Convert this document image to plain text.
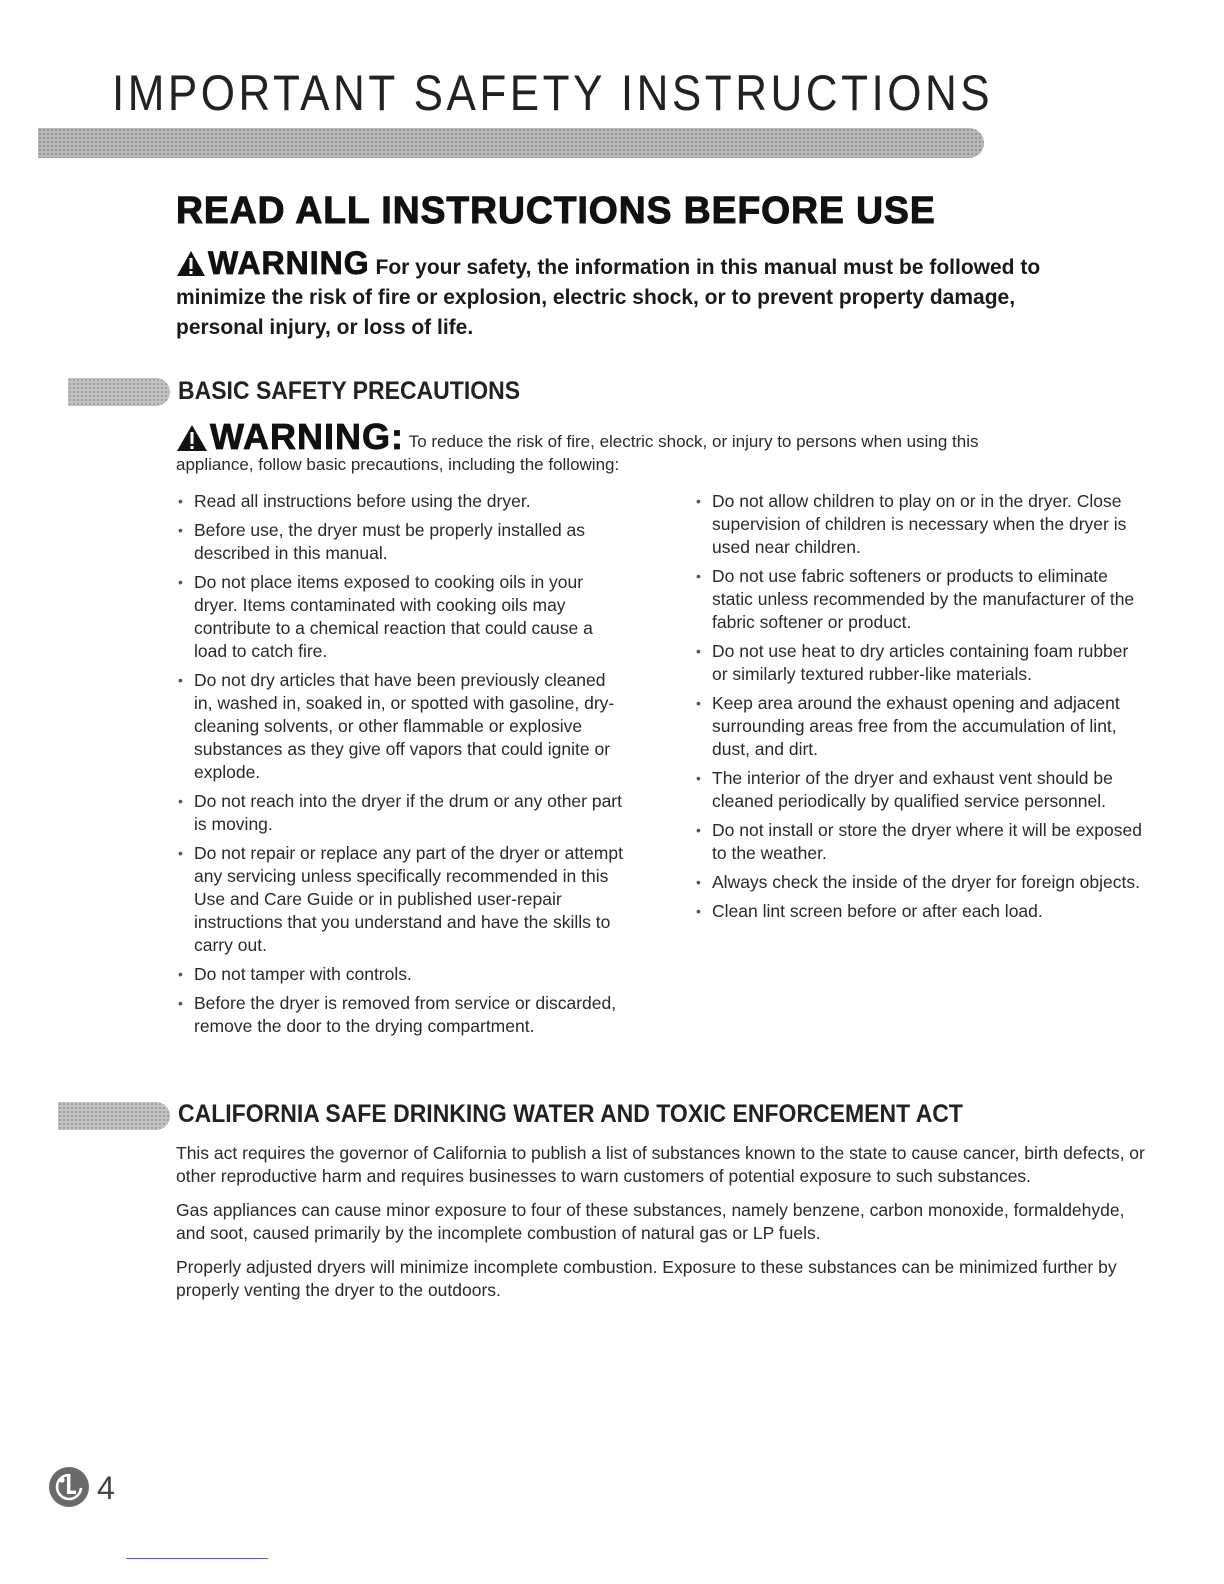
IMPORTANT SAFETY INSTRUCTIONS
READ ALL INSTRUCTIONS BEFORE USE
WARNING For your safety, the information in this manual must be followed to minimize the risk of fire or explosion, electric shock, or to prevent property damage, personal injury, or loss of life.
BASIC SAFETY PRECAUTIONS
WARNING: To reduce the risk of fire, electric shock, or injury to persons when using this
appliance, follow basic precautions, including the following:
• Read all instructions before using the dryer.
• Before use, the dryer must be properly installed as described in this manual.
• Do not place items exposed to cooking oils in your dryer. Items contaminated with cooking oils may contribute to a chemical reaction that could cause a load to catch fire.
• Do not dry articles that have been previously cleaned in, washed in, soaked in, or spotted with gasoline, dry-cleaning solvents, or other flammable or explosive substances as they give off vapors that could ignite or explode.
• Do not reach into the dryer if the drum or any other part is moving.
• Do not repair or replace any part of the dryer or attempt any servicing unless specifically recommended in this Use and Care Guide or in published user-repair instructions that you understand and have the skills to carry out.
• Do not tamper with controls.
• Before the dryer is removed from service or discarded, remove the door to the drying compartment.
• Do not allow children to play on or in the dryer. Close supervision of children is necessary when the dryer is used near children.
• Do not use fabric softeners or products to eliminate static unless recommended by the manufacturer of the fabric softener or product.
• Do not use heat to dry articles containing foam rubber or similarly textured rubber-like materials.
• Keep area around the exhaust opening and adjacent surrounding areas free from the accumulation of lint, dust, and dirt.
• The interior of the dryer and exhaust vent should be cleaned periodically by qualified service personnel.
• Do not install or store the dryer where it will be exposed to the weather.
• Always check the inside of the dryer for foreign objects.
• Clean lint screen before or after each load.
CALIFORNIA SAFE DRINKING WATER AND TOXIC ENFORCEMENT ACT

This act requires the governor of California to publish a list of substances known to the state to cause cancer, birth defects, or other reproductive harm and requires businesses to warn customers of potential exposure to such substances.

Gas appliances can cause minor exposure to four of these substances, namely benzene, carbon monoxide, formaldehyde, and soot, caused primarily by the incomplete combustion of natural gas or LP fuels.

Properly adjusted dryers will minimize incomplete combustion. Exposure to these substances can be minimized further by properly venting the dryer to the outdoors.

4
